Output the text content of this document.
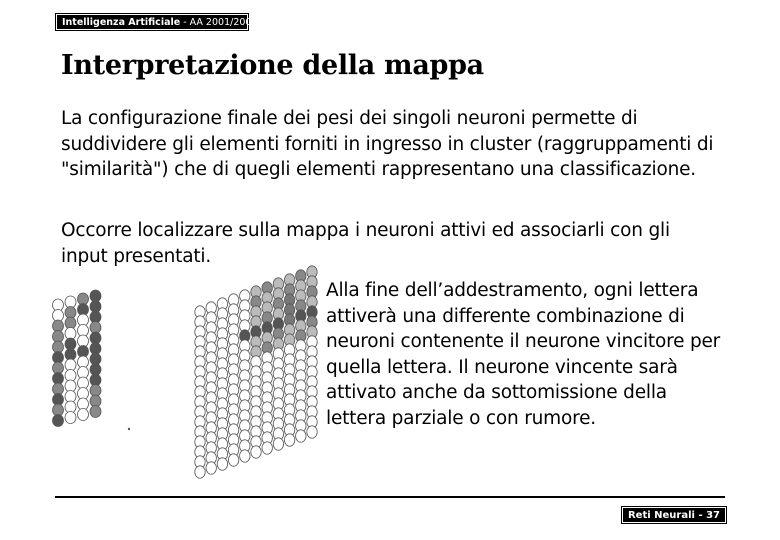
Intelligenza Artificiale - AA 2001/2002
Interpretazione della mappa

La configurazione finale dei pesi dei singoli neuroni permette di suddividere gli elementi forniti in ingresso in cluster (raggruppamenti di "similarità") che di quegli elementi rappresentano una classificazione.

Occorre localizzare sulla mappa i neuroni attivi ed associarli con gli input presentati.

Alla fine dell’addestramento, ogni lettera attiverà una differente combinazione di neuroni contenente il neurone vincitore per quella lettera. Il neurone vincente sarà attivato anche da sottomissione della lettera parziale o con rumore.

Reti Neurali - 37
